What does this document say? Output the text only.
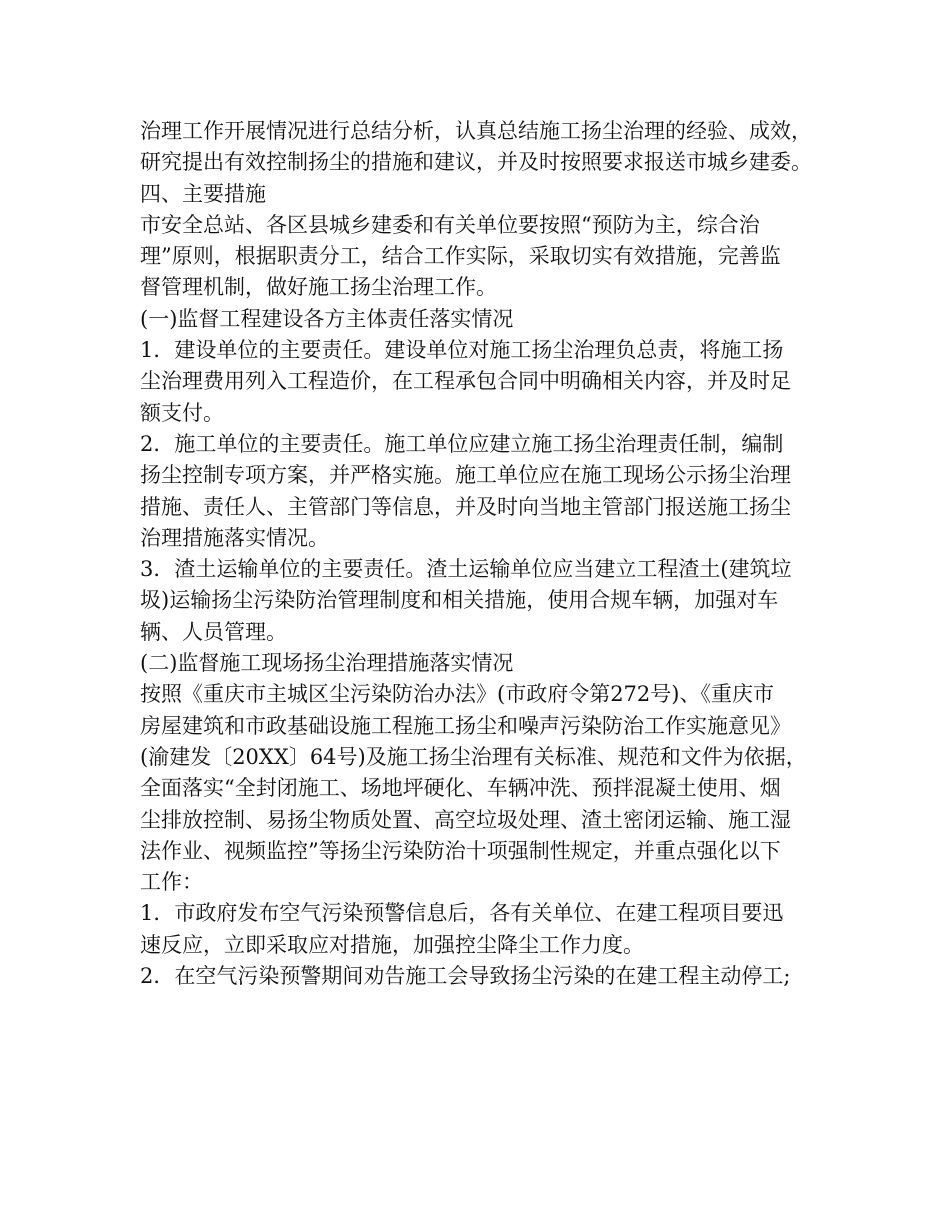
治理工作开展情况进行总结分析，认真总结施工扬尘治理的经验、成效，
研究提出有效控制扬尘的措施和建议，并及时按照要求报送市城乡建委。
四、主要措施
市安全总站、各区县城乡建委和有关单位要按照“预防为主，综合治
理”原则，根据职责分工，结合工作实际，采取切实有效措施，完善监
督管理机制，做好施工扬尘治理工作。
(一)监督工程建设各方主体责任落实情况
1．建设单位的主要责任。建设单位对施工扬尘治理负总责，将施工扬
尘治理费用列入工程造价，在工程承包合同中明确相关内容，并及时足
额支付。
2．施工单位的主要责任。施工单位应建立施工扬尘治理责任制，编制
扬尘控制专项方案，并严格实施。施工单位应在施工现场公示扬尘治理
措施、责任人、主管部门等信息，并及时向当地主管部门报送施工扬尘
治理措施落实情况。
3．渣土运输单位的主要责任。渣土运输单位应当建立工程渣土(建筑垃
圾)运输扬尘污染防治管理制度和相关措施，使用合规车辆，加强对车
辆、人员管理。
(二)监督施工现场扬尘治理措施落实情况
按照《重庆市主城区尘污染防治办法》(市政府令第272号)、《重庆市
房屋建筑和市政基础设施工程施工扬尘和噪声污染防治工作实施意见》
(渝建发〔20XX〕64号)及施工扬尘治理有关标准、规范和文件为依据，
全面落实“全封闭施工、场地坪硬化、车辆冲洗、预拌混凝土使用、烟
尘排放控制、易扬尘物质处置、高空垃圾处理、渣土密闭运输、施工湿
法作业、视频监控”等扬尘污染防治十项强制性规定，并重点强化以下
工作：
1．市政府发布空气污染预警信息后，各有关单位、在建工程项目要迅
速反应，立即采取应对措施，加强控尘降尘工作力度。
2．在空气污染预警期间劝告施工会导致扬尘污染的在建工程主动停工;
